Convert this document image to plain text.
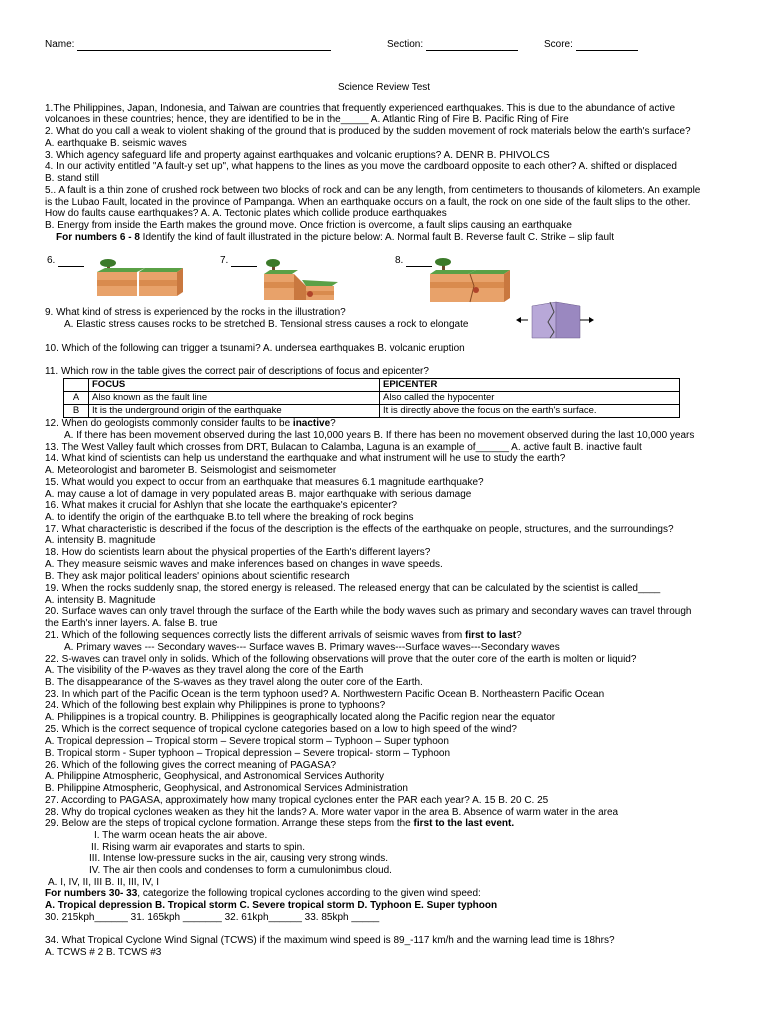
Name:	Section:	Score:
Science Review Test
1.The Philippines, Japan, Indonesia, and Taiwan are countries that frequently experienced earthquakes. This is due to the abundance of active
volcanoes in these countries; hence, they are identified to be in the_____ A. Atlantic Ring of Fire B. Pacific Ring of Fire
2. What do you call a weak to violent shaking of the ground that is produced by the sudden movement of rock materials below the earth's surface?
A. earthquake B. seismic waves
3. Which agency safeguard life and property against earthquakes and volcanic eruptions? A. DENR B. PHIVOLCS
4. In our activity entitled "A fault-y set up", what happens to the lines as you move the cardboard opposite to each other? A. shifted or displaced
B. stand still
5.. A fault is a thin zone of crushed rock between two blocks of rock and can be any length, from centimeters to thousands of kilometers. An example
is the Lubao Fault, located in the province of Pampanga. When an earthquake occurs on a fault, the rock on one side of the fault slips to the other.
How do faults cause earthquakes? A. A. Tectonic plates which collide produce earthquakes
B. Energy from inside the Earth makes the ground move. Once friction is overcome, a fault slips causing an earthquake
For numbers 6 - 8 Identify the kind of fault illustrated in the picture below: A. Normal fault B. Reverse fault C. Strike – slip fault
6.	7.	8.
9. What kind of stress is experienced by the rocks in the illustration?
A. Elastic stress causes rocks to be stretched B. Tensional stress causes a rock to elongate
10. Which of the following can trigger a tsunami? A. undersea earthquakes B. volcanic eruption
11. Which row in the table gives the correct pair of descriptions of focus and epicenter?
	FOCUS	EPICENTER
A	Also known as the fault line	Also called the hypocenter
B	It is the underground origin of the earthquake	It is directly above the focus on the earth's surface.
12. When do geologists commonly consider faults to be inactive?
A. If there has been movement observed during the last 10,000 years B. If there has been no movement observed during the last 10,000 years
13. The West Valley fault which crosses from DRT, Bulacan to Calamba, Laguna is an example of______ A. active fault B. inactive fault
14. What kind of scientists can help us understand the earthquake and what instrument will he use to study the earth?
A. Meteorologist and barometer B. Seismologist and seismometer
15. What would you expect to occur from an earthquake that measures 6.1 magnitude earthquake?
A. may cause a lot of damage in very populated areas B. major earthquake with serious damage
16. What makes it crucial for Ashlyn that she locate the earthquake's epicenter?
A. to identify the origin of the earthquake B.to tell where the breaking of rock begins
17. What characteristic is described if the focus of the description is the effects of the earthquake on people, structures, and the surroundings?
A. intensity B. magnitude
18. How do scientists learn about the physical properties of the Earth's different layers?
A. They measure seismic waves and make inferences based on changes in wave speeds.
B. They ask major political leaders' opinions about scientific research
19. When the rocks suddenly snap, the stored energy is released. The released energy that can be calculated by the scientist is called____
A. intensity B. Magnitude
20. Surface waves can only travel through the surface of the Earth while the body waves such as primary and secondary waves can travel through
the Earth's inner layers. A. false B. true
21. Which of the following sequences correctly lists the different arrivals of seismic waves from first to last?
A. Primary waves --- Secondary waves--- Surface waves B. Primary waves---Surface waves---Secondary waves
22. S-waves can travel only in solids. Which of the following observations will prove that the outer core of the earth is molten or liquid?
A. The visibility of the P-waves as they travel along the core of the Earth
B. The disappearance of the S-waves as they travel along the outer core of the Earth.
23. In which part of the Pacific Ocean is the term typhoon used? A. Northwestern Pacific Ocean B. Northeastern Pacific Ocean
24. Which of the following best explain why Philippines is prone to typhoons?
A. Philippines is a tropical country. B. Philippines is geographically located along the Pacific region near the equator
25. Which is the correct sequence of tropical cyclone categories based on a low to high speed of the wind?
A. Tropical depression – Tropical storm – Severe tropical storm – Typhoon – Super typhoon
B. Tropical storm - Super typhoon – Tropical depression – Severe tropical- storm – Typhoon
26. Which of the following gives the correct meaning of PAGASA?
A. Philippine Atmospheric, Geophysical, and Astronomical Services Authority
B. Philippine Atmospheric, Geophysical, and Astronomical Services Administration
27. According to PAGASA, approximately how many tropical cyclones enter the PAR each year? A. 15 B. 20 C. 25
28. Why do tropical cyclones weaken as they hit the lands? A. More water vapor in the area B. Absence of warm water in the area
29. Below are the steps of tropical cyclone formation. Arrange these steps from the first to the last event.
I. The warm ocean heats the air above.
II. Rising warm air evaporates and starts to spin.
III. Intense low-pressure sucks in the air, causing very strong winds.
IV. The air then cools and condenses to form a cumulonimbus cloud.
A. I, IV, II, III B. II, III, IV, I
For numbers 30- 33, categorize the following tropical cyclones according to the given wind speed:
A. Tropical depression B. Tropical storm C. Severe tropical storm D. Typhoon E. Super typhoon
30. 215kph______ 31. 165kph _______ 32. 61kph______ 33. 85kph _____
34. What Tropical Cyclone Wind Signal (TCWS) if the maximum wind speed is 89_-117 km/h and the warning lead time is 18hrs?
A. TCWS # 2 B. TCWS #3
